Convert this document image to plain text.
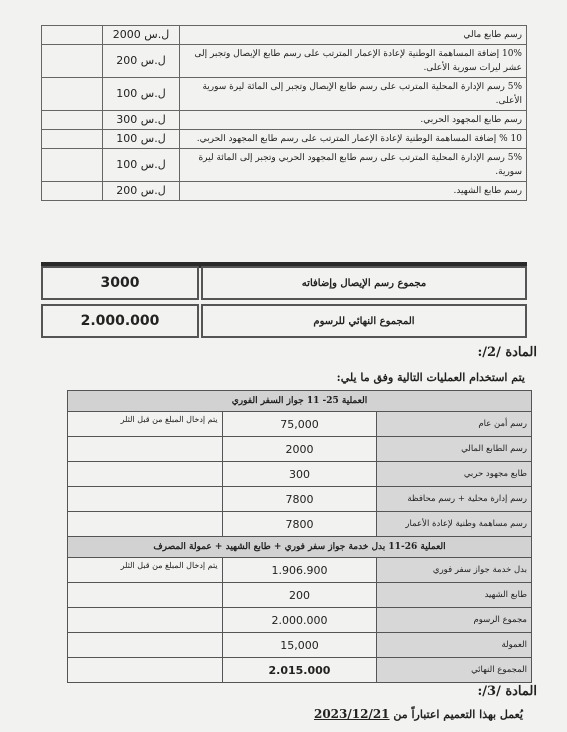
	2000 ل.س	رسم طابع مالي
	200 ل.س	10% إضافة المساهمة الوطنية لإعادة الإعمار المترتب على رسم طابع الإيصال وتجبر إلى عشر ليرات سورية الأعلى.
	100 ل.س	5% رسم الإدارة المحلية المترتب على رسم طابع الإيصال وتجبر إلى المائة ليرة سورية الأعلى.
	300 ل.س	رسم طابع المجهود الحربي.
	100 ل.س	10 % إضافة المساهمة الوطنية لإعادة الإعمار المترتب على رسم طابع المجهود الحربي.
	100 ل.س	5% رسم الإدارة المحلية المترتب على رسم طابع المجهود الحربي وتجبر إلى المائة ليرة سورية.
	200 ل.س	رسم طابع الشهيد.
3000	مجموع رسم الإيصال وإضافاته
2.000.000	المجموع النهائي للرسوم
المادة /2/:
يتم استخدام العمليات التالية وفق ما يلي:
العملية 25- 11 جواز السفر الفوري		
يتم إدخال المبلغ من قبل الثلر	75,000	رسم أمن عام
	2000	رسم الطابع المالي
	300	طابع مجهود حربي
	7800	رسم إدارة محلية + رسم محافظة
	7800	رسم مساهمة وطنية لإعادة الأعمار
العملية 26-11 بدل خدمة جواز سفر فوري + طابع الشهيد + عمولة المصرف		
يتم إدخال المبلغ من قبل الثلر	1.906.900	بدل خدمة جواز سفر فوري
	200	طابع الشهيد
	2.000.000	مجموع الرسوم
	15,000	العمولة
	2.015.000	المجموع النهائي
المادة /3/:
يُعمل بهذا التعميم اعتباراً من 2023/12/21
